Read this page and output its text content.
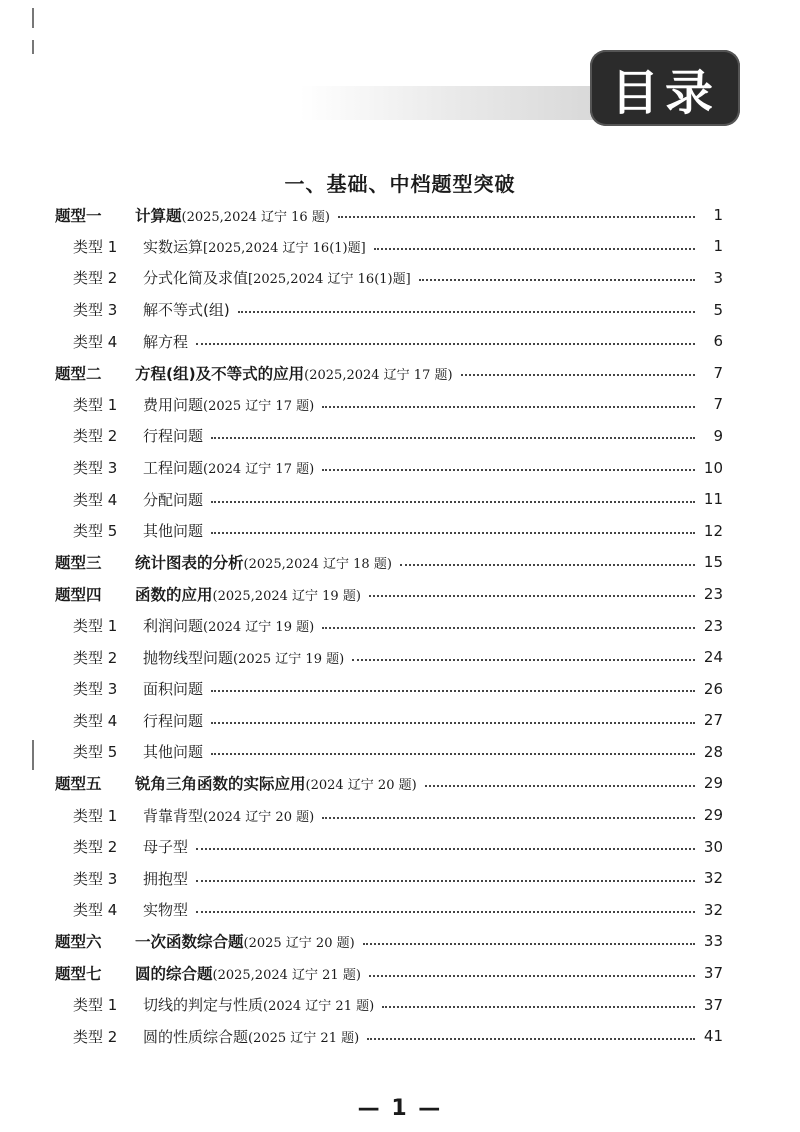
目录
一、基础、中档题型突破
题型一	计算题(2025,2024 辽宁 16 题)	1
类型 1	实数运算[2025,2024 辽宁 16(1)题]	1
类型 2	分式化简及求值[2025,2024 辽宁 16(1)题]	3
类型 3	解不等式(组)	5
类型 4	解方程	6
题型二	方程(组)及不等式的应用(2025,2024 辽宁 17 题)	7
类型 1	费用问题(2025 辽宁 17 题)	7
类型 2	行程问题	9
类型 3	工程问题(2024 辽宁 17 题)	10
类型 4	分配问题	11
类型 5	其他问题	12
题型三	统计图表的分析(2025,2024 辽宁 18 题)	15
题型四	函数的应用(2025,2024 辽宁 19 题)	23
类型 1	利润问题(2024 辽宁 19 题)	23
类型 2	抛物线型问题(2025 辽宁 19 题)	24
类型 3	面积问题	26
类型 4	行程问题	27
类型 5	其他问题	28
题型五	锐角三角函数的实际应用(2024 辽宁 20 题)	29
类型 1	背靠背型(2024 辽宁 20 题)	29
类型 2	母子型	30
类型 3	拥抱型	32
类型 4	实物型	32
题型六	一次函数综合题(2025 辽宁 20 题)	33
题型七	圆的综合题(2025,2024 辽宁 21 题)	37
类型 1	切线的判定与性质(2024 辽宁 21 题)	37
类型 2	圆的性质综合题(2025 辽宁 21 题)	41
— 1 —
